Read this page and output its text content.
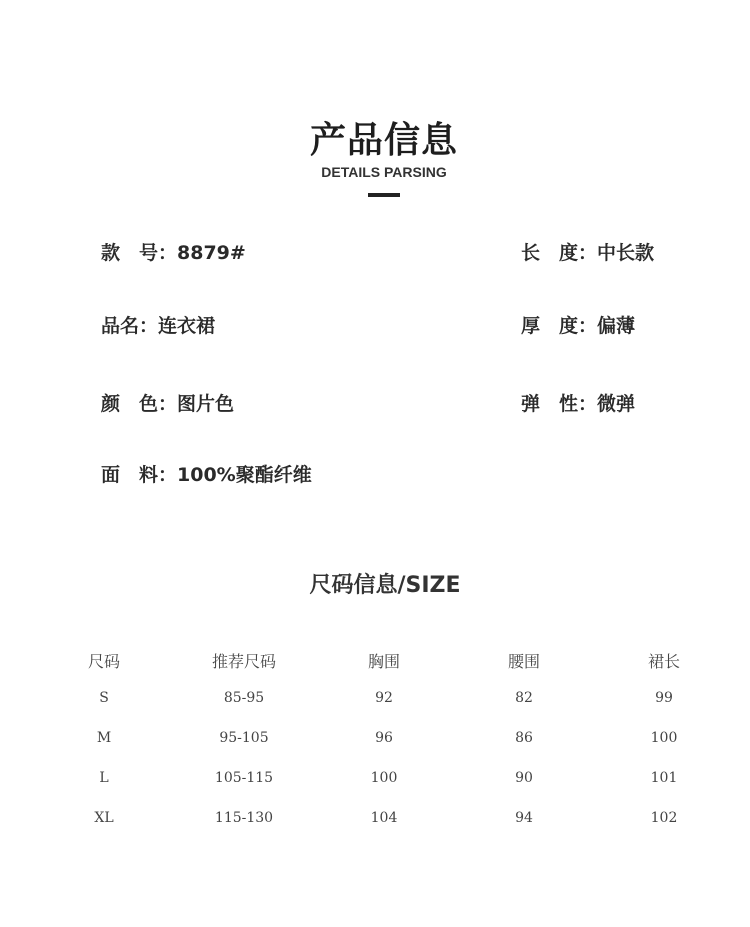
产品信息
DETAILS PARSING
款　号：8879#	长　度：中长款
品名：连衣裙	厚　度：偏薄
颜　色：图片色	弹　性：微弹
面　料：100%聚酯纤维
尺码信息/SIZE
尺码	推荐尺码	胸围	腰围	裙长
S	85-95	92	82	99
M	95-105	96	86	100
L	105-115	100	90	101
XL	115-130	104	94	102
